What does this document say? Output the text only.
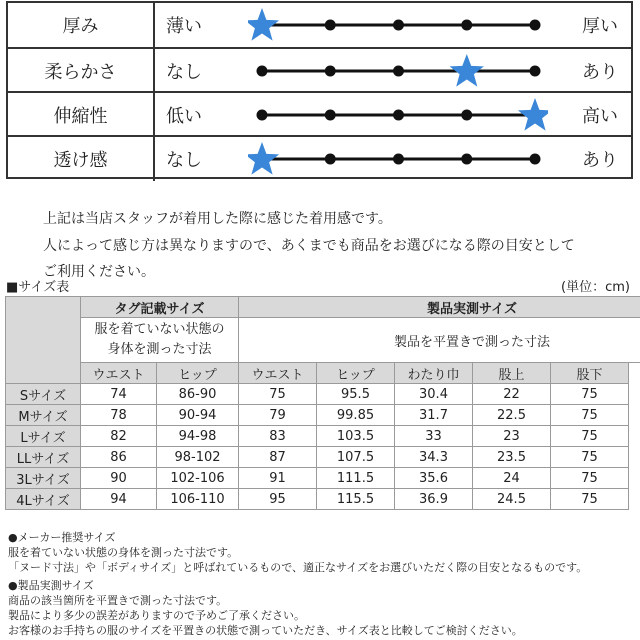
厚み	薄い	厚い
柔らかさ	なし	あり
伸縮性	低い	高い
透け感	なし	あり
上記は当店スタッフが着用した際に感じた着用感です。
人によって感じ方は異なりますので、あくまでも商品をお選びになる際の目安として
ご利用ください。
■サイズ表	(単位：cm)
	タグ記載サイズ		製品実測サイズ				
	服を着ていない状態の
身体を測った寸法		製品を平置きで測った寸法				
	ウエスト	ヒップ	ウエスト	ヒップ	わたり巾	股上	股下
Sサイズ	74	86-90	75	95.5	30.4	22	75
Mサイズ	78	90-94	79	99.85	31.7	22.5	75
Lサイズ	82	94-98	83	103.5	33	23	75
LLサイズ	86	98-102	87	107.5	34.3	23.5	75
3Lサイズ	90	102-106	91	111.5	35.6	24	75
4Lサイズ	94	106-110	95	115.5	36.9	24.5	75
●メーカー推奨サイズ
服を着ていない状態の身体を測った寸法です。
「ヌード寸法」や「ボディサイズ」と呼ばれているもので、適正なサイズをお選びいただく際の目安となるものです。
●製品実測サイズ
商品の該当箇所を平置きで測った寸法です。
製品により多少の誤差がありますので予めご了承ください。
お客様のお手持ちの服のサイズを平置きの状態で測っていただき、サイズ表と比較してご検討ください。
